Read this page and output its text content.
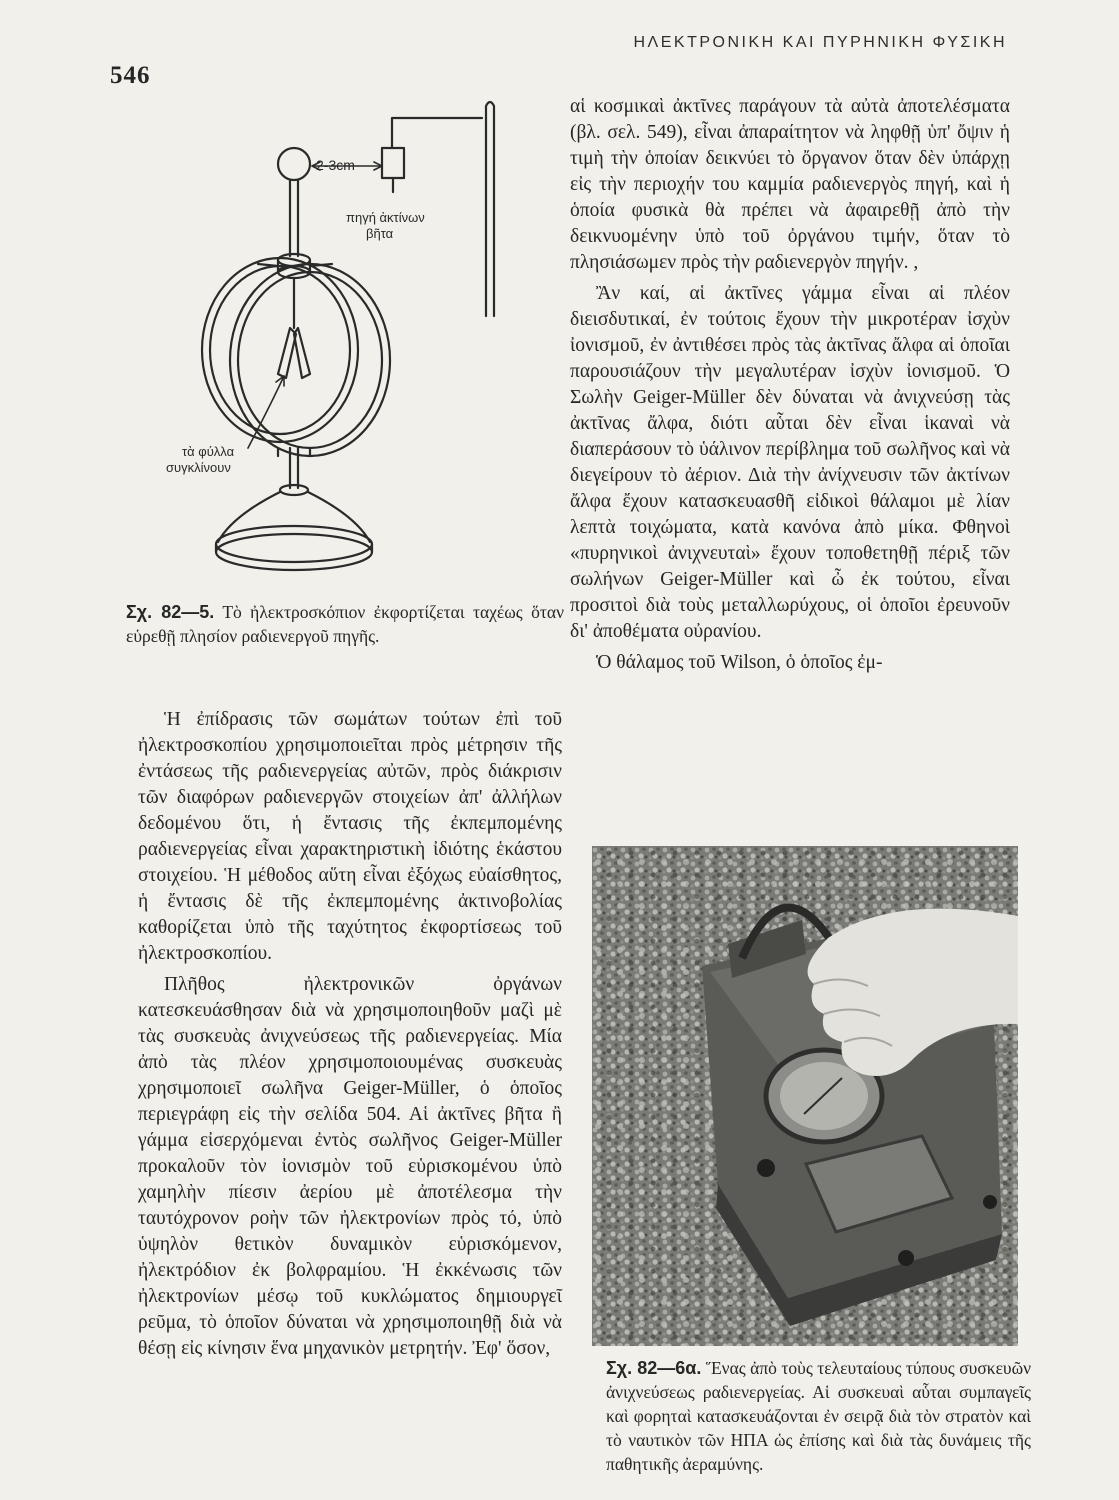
546
ΗΛΕΚΤΡΟΝΙΚΗ ΚΑΙ ΠΥΡΗΝΙΚΗ ΦΥΣΙΚΗ
2-3cm
πηγή ἀκτίνων
βῆτα
τὰ φύλλα
συγκλίνουν
Σχ. 82—5. Τὸ ἠλεκτροσκόπιον ἐκφορτίζεται ταχέως ὅταν εὑρεθῇ πλησίον ραδιενεργοῦ πηγῆς.

Ἡ ἐπίδρασις τῶν σωμάτων τούτων ἐπὶ τοῦ ἠλεκτροσκοπίου χρησιμοποιεῖται πρὸς μέτρησιν τῆς ἐντάσεως τῆς ραδιενεργείας αὐτῶν, πρὸς διάκρισιν τῶν διαφόρων ραδιενεργῶν στοιχείων ἀπ' ἀλλήλων δεδομένου ὅτι, ἡ ἔντασις τῆς ἐκπεμπομένης ραδιενεργείας εἶναι χαρακτηριστικὴ ἰδιότης ἑκάστου στοιχείου. Ἡ μέθοδος αὕτη εἶναι ἐξόχως εὐαίσθητος, ἡ ἔντασις δὲ τῆς ἐκπεμπομένης ἀκτινοβολίας καθορίζεται ὑπὸ τῆς ταχύτητος ἐκφορτίσεως τοῦ ἠλεκτροσκοπίου.

Πλῆθος ἠλεκτρονικῶν ὀργάνων κατεσκευάσθησαν διὰ νὰ χρησιμοποιηθοῦν μαζὶ μὲ τὰς συσκευὰς ἀνιχνεύσεως τῆς ραδιενεργείας. Μία ἀπὸ τὰς πλέον χρησιμοποιουμένας συσκευὰς χρησιμοποιεῖ σωλῆνα Geiger-Müller, ὁ ὁποῖος περιεγράφη εἰς τὴν σελίδα 504. Αἱ ἀκτῖνες βῆτα ἢ γάμμα εἰσερχόμεναι ἐντὸς σωλῆνος Geiger-Müller προκαλοῦν τὸν ἰονισμὸν τοῦ εὑρισκομένου ὑπὸ χαμηλὴν πίεσιν ἀερίου μὲ ἀποτέλεσμα τὴν ταυτόχρονον ροὴν τῶν ἠλεκτρονίων πρὸς τό, ὑπὸ ὑψηλὸν θετικὸν δυναμικὸν εὑρισκόμενον, ἠλεκτρόδιον ἐκ βολφραμίου. Ἡ ἐκκένωσις τῶν ἠλεκτρονίων μέσῳ τοῦ κυκλώματος δημιουργεῖ ρεῦμα, τὸ ὁποῖον δύναται νὰ χρησιμοποιηθῇ διὰ νὰ θέσῃ εἰς κίνησιν ἕνα μηχανικὸν μετρητήν. Ἐφ' ὅσον,

αἱ κοσμικαὶ ἀκτῖνες παράγουν τὰ αὐτὰ ἀποτελέσματα (βλ. σελ. 549), εἶναι ἀπαραίτητον νὰ ληφθῇ ὑπ' ὄψιν ἡ τιμὴ τὴν ὁποίαν δεικνύει τὸ ὄργανον ὅταν δὲν ὑπάρχῃ εἰς τὴν περιοχήν του καμμία ραδιενεργὸς πηγή, καὶ ἡ ὁποία φυσικὰ θὰ πρέπει νὰ ἀφαιρεθῇ ἀπὸ τὴν δεικνυομένην ὑπὸ τοῦ ὀργάνου τιμήν, ὅταν τὸ πλησιάσωμεν πρὸς τὴν ραδιενεργὸν πηγήν. ,

Ἂν καί, αἱ ἀκτῖνες γάμμα εἶναι αἱ πλέον διεισδυτικαί, ἐν τούτοις ἔχουν τὴν μικροτέραν ἰσχὺν ἰονισμοῦ, ἐν ἀντιθέσει πρὸς τὰς ἀκτῖνας ἄλφα αἱ ὁποῖαι παρουσιάζουν τὴν μεγαλυτέραν ἰσχὺν ἰονισμοῦ. Ὁ Σωλὴν Geiger-Müller δὲν δύναται νὰ ἀνιχνεύσῃ τὰς ἀκτῖνας ἄλφα, διότι αὗται δὲν εἶναι ἱκαναὶ νὰ διαπεράσουν τὸ ὑάλινον περίβλημα τοῦ σωλῆνος καὶ νὰ διεγείρουν τὸ ἀέριον. Διὰ τὴν ἀνίχνευσιν τῶν ἀκτίνων ἄλφα ἔχουν κατασκευασθῆ εἰδικοὶ θάλαμοι μὲ λίαν λεπτὰ τοιχώματα, κατὰ κανόνα ἀπὸ μίκα. Φθηνοὶ «πυρηνικοὶ ἀνιχνευταὶ» ἔχουν τοποθετηθῇ πέριξ τῶν σωλήνων Geiger-Müller καὶ ὦ ἐκ τούτου, εἶναι προσιτοὶ διὰ τοὺς μεταλλωρύχους, οἱ ὁποῖοι ἐρευνοῦν δι' ἀποθέματα οὐρανίου.

Ὁ θάλαμος τοῦ Wilson, ὁ ὁποῖος ἐμ-

Σχ. 82—6α. Ἕνας ἀπὸ τοὺς τελευταίους τύπους συσκευῶν ἀνιχνεύσεως ραδιενεργείας. Αἱ συσκευαὶ αὗται συμπαγεῖς καὶ φορηταὶ κατασκευάζονται ἐν σειρᾷ διὰ τὸν στρατὸν καὶ τὸ ναυτικὸν τῶν ΗΠΑ ὡς ἐπίσης καὶ διὰ τὰς δυνάμεις τῆς παθητικῆς ἀεραμύνης.
